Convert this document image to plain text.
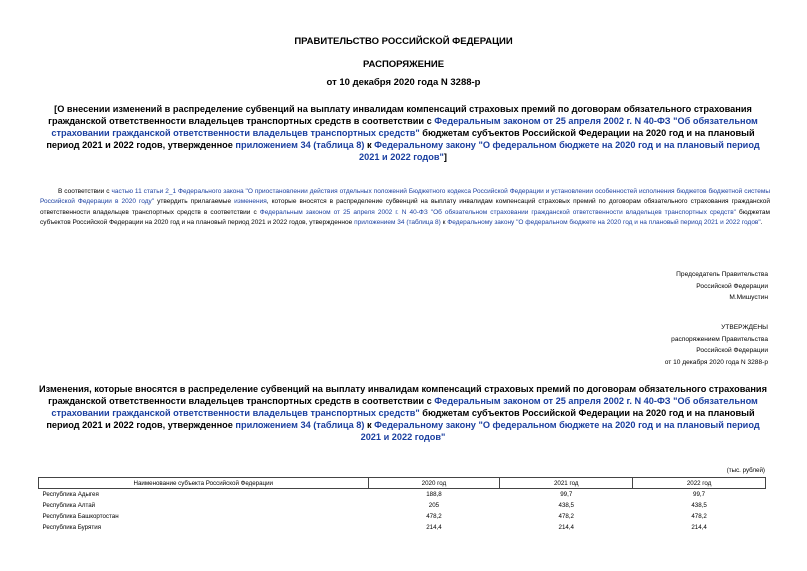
ПРАВИТЕЛЬСТВО РОССИЙСКОЙ ФЕДЕРАЦИИ
РАСПОРЯЖЕНИЕ
от 10 декабря 2020 года N 3288-р
[О внесении изменений в распределение субвенций на выплату инвалидам компенсаций страховых премий по договорам обязательного страхования гражданской ответственности владельцев транспортных средств в соответствии с Федеральным законом от 25 апреля 2002 г. N 40-ФЗ "Об обязательном страховании гражданской ответственности владельцев транспортных средств" бюджетам субъектов Российской Федерации на 2020 год и на плановый период 2021 и 2022 годов, утвержденное приложением 34 (таблица 8) к Федеральному закону "О федеральном бюджете на 2020 год и на плановый период 2021 и 2022 годов"]
В соответствии с частью 11 статьи 2_1 Федерального закона "О приостановлении действия отдельных положений Бюджетного кодекса Российской Федерации и установлении особенностей исполнения бюджетов бюджетной системы Российской Федерации в 2020 году" утвердить прилагаемые изменения, которые вносятся в распределение субвенций на выплату инвалидам компенсаций страховых премий по договорам обязательного страхования гражданской ответственности владельцев транспортных средств в соответствии с Федеральным законом от 25 апреля 2002 г. N 40-ФЗ "Об обязательном страховании гражданской ответственности владельцев транспортных средств" бюджетам субъектов Российской Федерации на 2020 год и на плановый период 2021 и 2022 годов, утвержденное приложением 34 (таблица 8) к Федеральному закону "О федеральном бюджете на 2020 год и на плановый период 2021 и 2022 годов".
Председатель Правительства
Российской Федерации
М.Мишустин
УТВЕРЖДЕНЫ
распоряжением Правительства
Российской Федерации
от 10 декабря 2020 года N 3288-р
Изменения, которые вносятся в распределение субвенций на выплату инвалидам компенсаций страховых премий по договорам обязательного страхования гражданской ответственности владельцев транспортных средств в соответствии с Федеральным законом от 25 апреля 2002 г. N 40-ФЗ "Об обязательном страховании гражданской ответственности владельцев транспортных средств" бюджетам субъектов Российской Федерации на 2020 год и на плановый период 2021 и 2022 годов, утвержденное приложением 34 (таблица 8) к Федеральному закону "О федеральном бюджете на 2020 год и на плановый период 2021 и 2022 годов"
(тыс. рублей)
Наименование субъекта Российской Федерации	2020 год	2021 год	2022 год
Республика Адыгея	188,8	99,7	99,7
Республика Алтай	205	438,5	438,5
Республика Башкортостан	478,2	478,2	478,2
Республика Бурятия	214,4	214,4	214,4
